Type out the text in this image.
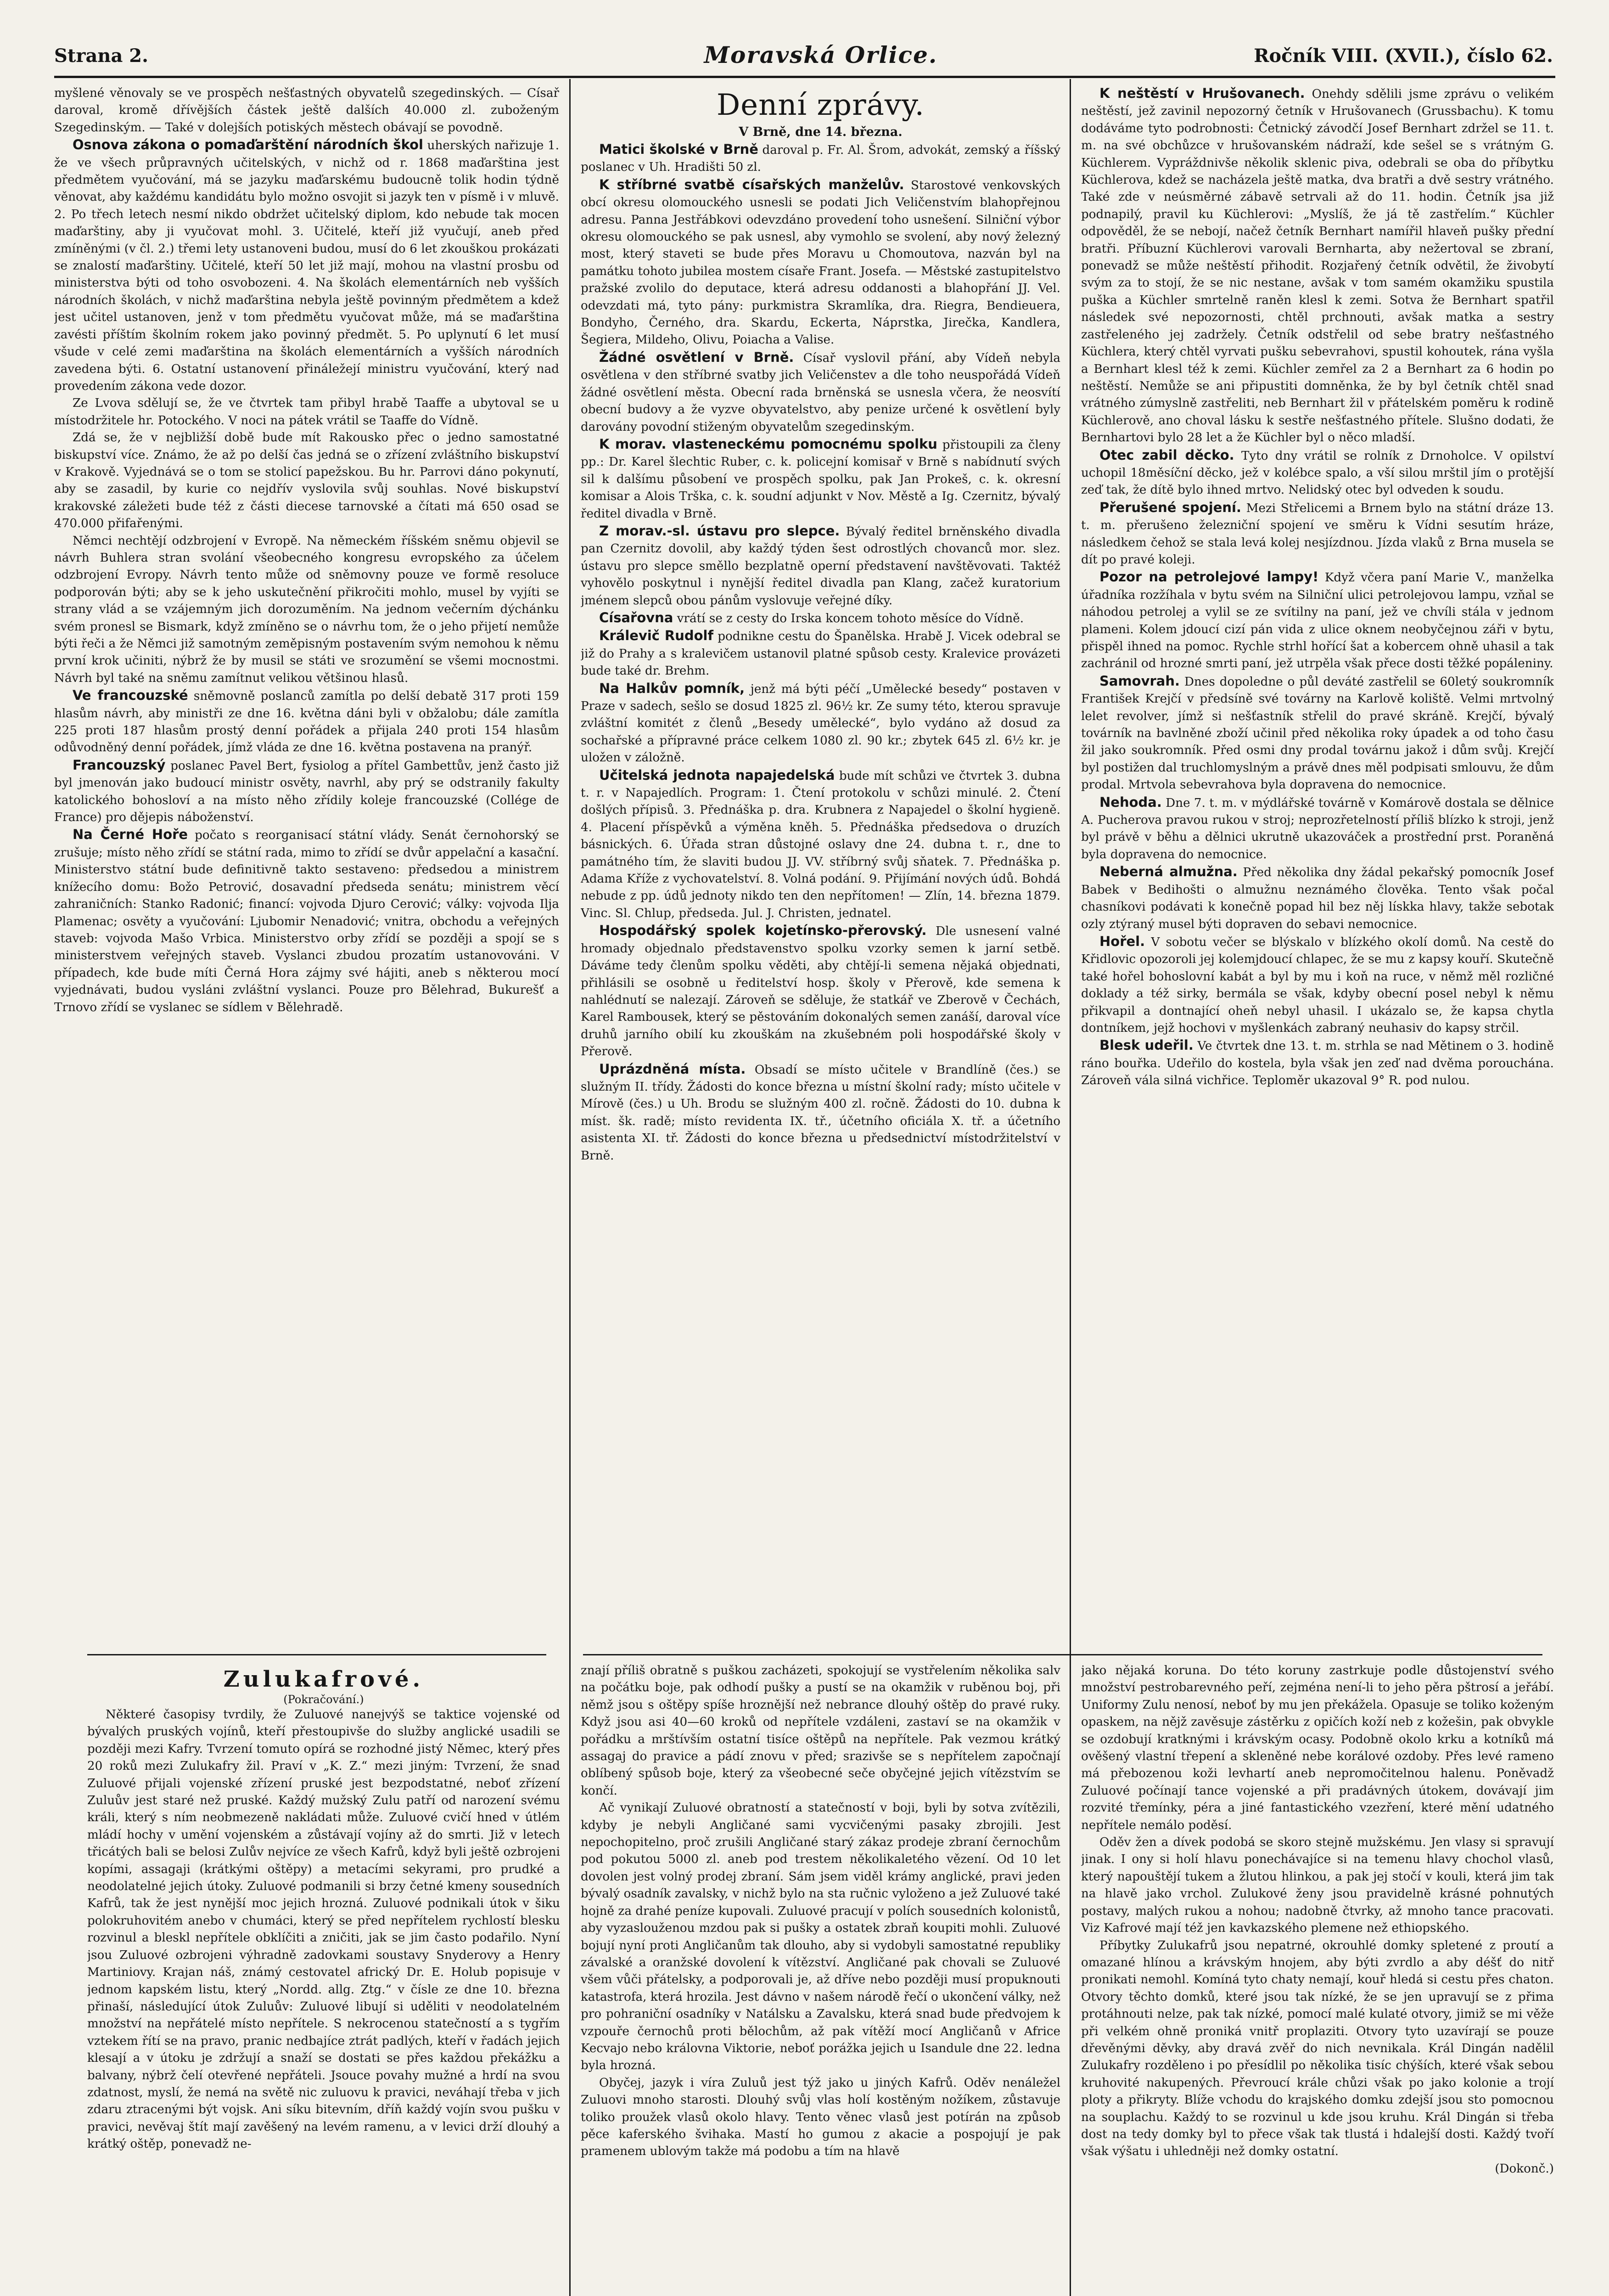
Strana 2.	Moravská Orlice.	Ročník VIII. (XVII.), číslo 62.

myšlené věnovaly se ve prospěch nešťastných obyvatelů szegedinských. — Císař daroval, kromě dřívějších částek ještě dalších 40.000 zl. zuboženým Szegedinským. — Také v dolejších potiských městech obávají se povodně.

Osnova zákona o pomaďarštění národních škol uherských nařizuje 1. že ve všech průpravných učitelských, v nichž od r. 1868 maďarština jest předmětem vyučování, má se jazyku maďarskému budoucně tolik hodin týdně věnovat, aby každému kandidátu bylo možno osvojit si jazyk ten v písmě i v mluvě. 2. Po třech letech nesmí nikdo obdržet učitelský diplom, kdo nebude tak mocen maďarštiny, aby ji vyučovat mohl. 3. Učitelé, kteří již vyučují, aneb před zmíněnými (v čl. 2.) třemi lety ustanoveni budou, musí do 6 let zkouškou prokázati se znalostí maďarštiny. Učitelé, kteří 50 let již mají, mohou na vlastní prosbu od ministerstva býti od toho osvobozeni. 4. Na školách elementárních neb vyšších národních školách, v nichž maďarština nebyla ještě povinným předmětem a kdež jest učitel ustanoven, jenž v tom předmětu vyučovat může, má se maďarština zavésti příštím školním rokem jako povinný předmět. 5. Po uplynutí 6 let musí všude v celé zemi maďarština na školách elementárních a vyšších národních zavedena býti. 6. Ostatní ustanovení přináležejí ministru vyučování, který nad provedením zákona vede dozor.

Ze Lvova sdělují se, že ve čtvrtek tam přibyl hrabě Taaffe a ubytoval se u místodržitele hr. Potockého. V noci na pátek vrátil se Taaffe do Vídně.

Zdá se, že v nejbližší době bude mít Rakousko přec o jedno samostatné biskupství více. Známo, že až po delší čas jedná se o zřízení zvláštního biskupství v Krakově. Vyjednává se o tom se stolicí papežskou. Bu hr. Parrovi dáno pokynutí, aby se zasadil, by kurie co nejdřív vyslovila svůj souhlas. Nové biskupství krakovské záležeti bude též z části diecese tarnovské a čítati má 650 osad se 470.000 přifařenými.

Němci nechtějí odzbrojení v Evropě. Na německém říšském sněmu objevil se návrh Buhlera stran svolání všeobecného kongresu evropského za účelem odzbrojení Evropy. Návrh tento může od sněmovny pouze ve formě resoluce podporován býti; aby se k jeho uskutečnění přikročiti mohlo, musel by vyjíti se strany vlád a se vzájemným jich dorozuměním. Na jednom večerním dýchánku svém pronesl se Bismark, když zmíněno se o návrhu tom, že o jeho přijetí nemůže býti řeči a že Němci již samotným zeměpisným postavením svým nemohou k němu první krok učiniti, nýbrž že by musil se státi ve srozumění se všemi mocnostmi. Návrh byl také na sněmu zamítnut velikou většinou hlasů.

Ve francouzské sněmovně poslanců zamítla po delší debatě 317 proti 159 hlasům návrh, aby ministři ze dne 16. května dáni byli v obžalobu; dále zamítla 225 proti 187 hlasům prostý denní pořádek a přijala 240 proti 154 hlasům odůvodněný denní pořádek, jímž vláda ze dne 16. května postavena na pranýř.

Francouzský poslanec Pavel Bert, fysiolog a přítel Gambettův, jenž často již byl jmenován jako budoucí ministr osvěty, navrhl, aby prý se odstranily fakulty katolického bohosloví a na místo něho zřídily koleje francouzské (Collége de France) pro dějepis náboženství.

Na Černé Hoře počato s reorganisací státní vlády. Senát černohorský se zrušuje; místo něho zřídí se státní rada, mimo to zřídí se dvůr appelační a kasační. Ministerstvo státní bude definitivně takto sestaveno: předsedou a ministrem knížecího domu: Božo Petrović, dosavadní předseda senátu; ministrem věcí zahraničních: Stanko Radonić; financí: vojvoda Djuro Cerović; války: vojvoda Ilja Plamenac; osvěty a vyučování: Ljubomir Nenadović; vnitra, obchodu a veřejných staveb: vojvoda Mašo Vrbica. Ministerstvo orby zřídí se později a spojí se s ministerstvem veřejných staveb. Vyslanci zbudou prozatím ustanovováni. V případech, kde bude míti Černá Hora zájmy své hájiti, aneb s některou mocí vyjednávati, budou vysláni zvláštní vyslanci. Pouze pro Bělehrad, Bukurešť a Trnovo zřídí se vyslanec se sídlem v Bělehradě.

Denní zprávy.
V Brně, dne 14. března.

Matici školské v Brně daroval p. Fr. Al. Šrom, advokát, zemský a říšský poslanec v Uh. Hradišti 50 zl.

K stříbrné svatbě císařských manželův. Starostové venkovských obcí okresu olomouckého usnesli se podati Jich Veličenstvím blahopřejnou adresu. Panna Jestřábkovi odevzdáno provedení toho usnešení. Silniční výbor okresu olomouckého se pak usnesl, aby vymohlo se svolení, aby nový železný most, který staveti se bude přes Moravu u Chomoutova, nazván byl na památku tohoto jubilea mostem císaře Frant. Josefa. — Městské zastupitelstvo pražské zvolilo do deputace, která adresu oddanosti a blahopřání JJ. Vel. odevzdati má, tyto pány: purkmistra Skramlíka, dra. Riegra, Bendieuera, Bondyho, Černého, dra. Skardu, Eckerta, Náprstka, Jirečka, Kandlera, Šegiera, Mildeho, Olivu, Poiacha a Valise.

Žádné osvětlení v Brně. Císař vyslovil přání, aby Vídeň nebyla osvětlena v den stříbrné svatby jich Veličenstev a dle toho neuspořádá Vídeň žádné osvětlení města. Obecní rada brněnská se usnesla včera, že neosvítí obecní budovy a že vyzve obyvatelstvo, aby penize určené k osvětlení byly darovány povodní stiženým obyvatelům szegedinským.

K morav. vlasteneckému pomocnému spolku přistoupili za členy pp.: Dr. Karel šlechtic Ruber, c. k. policejní komisař v Brně s nabídnutí svých sil k dalšímu působení ve prospěch spolku, pak Jan Prokeš, c. k. okresní komisar a Alois Trška, c. k. soudní adjunkt v Nov. Městě a Ig. Czernitz, bývalý ředitel divadla v Brně.

Z morav.-sl. ústavu pro slepce. Bývalý ředitel brněnského divadla pan Czernitz dovolil, aby každý týden šest odrostlých chovanců mor. slez. ústavu pro slepce směllo bezplatně operní představení navštěvovati. Taktéž vyhovělo poskytnul i nynější ředitel divadla pan Klang, začež kuratorium jménem slepců obou pánům vyslovuje veřejné díky.

Císařovna vrátí se z cesty do Irska koncem tohoto měsíce do Vídně.

Králevič Rudolf podnikne cestu do Španělska. Hrabě J. Vicek odebral se již do Prahy a s kralevičem ustanovil platné spůsob cesty. Kralevice provázeti bude také dr. Brehm.

Na Halkův pomník, jenž má býti péčí „Umělecké besedy“ postaven v Praze v sadech, sešlo se dosud 1825 zl. 96½ kr. Ze sumy této, kterou spravuje zvláštní komitét z členů „Besedy umělecké“, bylo vydáno až dosud za sochařské a přípravné práce celkem 1080 zl. 90 kr.; zbytek 645 zl. 6½ kr. je uložen v záložně.

Učitelská jednota napajedelská bude mít schůzi ve čtvrtek 3. dubna t. r. v Napajedlích. Program: 1. Čtení protokolu v schůzi minulé. 2. Čtení došlých přípisů. 3. Přednáška p. dra. Krubnera z Napajedel o školní hygieně. 4. Placení příspěvků a výměna kněh. 5. Přednáška předsedova o druzích básnických. 6. Úřada stran důstojné oslavy dne 24. dubna t. r., dne to památného tím, že slaviti budou JJ. VV. stříbrný svůj sňatek. 7. Přednáška p. Adama Kříže z vychovatelství. 8. Volná podání. 9. Přijímání nových údů. Bohdá nebude z pp. údů jednoty nikdo ten den nepřítomen! — Zlín, 14. března 1879. Vinc. Sl. Chlup, předseda. Jul. J. Christen, jednatel.

Hospodářský spolek kojetínsko-přerovský. Dle usnesení valné hromady objednalo představenstvo spolku vzorky semen k jarní setbě. Dáváme tedy členům spolku věděti, aby chtějí-li semena nějaká objednati, přihlásili se osobně u ředitelství hosp. školy v Přerově, kde semena k nahlédnutí se nalezají. Zároveň se sděluje, že statkář ve Zberově v Čechách, Karel Rambousek, který se pěstováním dokonalých semen zanáší, daroval více druhů jarního obilí ku zkouškám na zkušebném poli hospodářské školy v Přerově.

Uprázdněná místa. Obsadí se místo učitele v Brandlíně (čes.) se služným II. třídy. Žádosti do konce března u místní školní rady; místo učitele v Mírově (čes.) u Uh. Brodu se služným 400 zl. ročně. Žádosti do 10. dubna k míst. šk. radě; místo revidenta IX. tř., účetního oficiála X. tř. a účetního asistenta XI. tř. Žádosti do konce března u předsednictví místodržitelství v Brně.

K neštěstí v Hrušovanech. Onehdy sdělili jsme zprávu o velikém neštěstí, jež zavinil nepozorný četník v Hrušovanech (Grussbachu). K tomu dodáváme tyto podrobnosti: Četnický závodčí Josef Bernhart zdržel se 11. t. m. na své obchůzce v hrušovanském nádraží, kde sešel se s vrátným G. Küchlerem. Vypráždnivše několik sklenic piva, odebrali se oba do příbytku Küchlerova, kdež se nacházela ještě matka, dva bratři a dvě sestry vrátného. Také zde v neúsměrné zábavě setrvali až do 11. hodin. Četník jsa již podnapilý, pravil ku Küchlerovi: „Myslíš, že já tě zastřelím.“ Küchler odpověděl, že se nebojí, načež četník Bernhart namířil hlaveň pušky přední bratři. Příbuzní Küchlerovi varovali Bernharta, aby nežertoval se zbraní, ponevadž se může neštěstí přihodit. Rozjařený četník odvětil, že živobytí svým za to stojí, že se nic nestane, avšak v tom samém okamžiku spustila puška a Küchler smrtelně raněn klesl k zemi. Sotva že Bernhart spatřil následek své nepozornosti, chtěl prchnouti, avšak matka a sestry zastřeleného jej zadržely. Četník odstřelil od sebe bratry nešťastného Küchlera, který chtěl vyrvati pušku sebevrahovi, spustil kohoutek, rána vyšla a Bernhart klesl též k zemi. Küchler zemřel za 2 a Bernhart za 6 hodin po neštěstí. Nemůže se ani připustiti domněnka, že by byl četník chtěl snad vrátného zúmyslně zastřeliti, neb Bernhart žil v přátelském poměru k rodině Küchlerově, ano choval lásku k sestře nešťastného přítele. Slušno dodati, že Bernhartovi bylo 28 let a že Küchler byl o něco mladší.

Otec zabil děcko. Tyto dny vrátil se rolník z Drnoholce. V opilství uchopil 18měsíční děcko, jež v kolébce spalo, a vší silou mrštil jím o protější zeď tak, že dítě bylo ihned mrtvo. Nelidský otec byl odveden k soudu.

Přerušené spojení. Mezi Střelicemi a Brnem bylo na státní dráze 13. t. m. přerušeno železniční spojení ve směru k Vídni sesutím hráze, následkem čehož se stala levá kolej nesjízdnou. Jízda vlaků z Brna musela se dít po pravé koleji.

Pozor na petrolejové lampy! Když včera paní Marie V., manželka úřadníka rozžíhala v bytu svém na Silniční ulici petrolejovou lampu, vzňal se náhodou petrolej a vylil se ze svítilny na paní, jež ve chvíli stála v jednom plameni. Kolem jdoucí cizí pán vida z ulice oknem neobyčejnou záři v bytu, přispěl ihned na pomoc. Rychle strhl hořící šat a kobercem ohně uhasil a tak zachránil od hrozné smrti paní, jež utrpěla však přece dosti těžké popáleniny.

Samovrah. Dnes dopoledne o půl deváté zastřelil se 60letý soukromník František Krejčí v předsíně své továrny na Karlově koliště. Velmi mrtvolný lelet revolver, jímž si nešťastník střelil do pravé skráně. Krejčí, bývalý továrník na bavlněné zboží učinil před několika roky úpadek a od toho času žil jako soukromník. Před osmi dny prodal továrnu jakož i dům svůj. Krejčí byl postižen dal truchlomyslným a právě dnes měl podpisati smlouvu, že dům prodal. Mrtvola sebevrahova byla dopravena do nemocnice.

Nehoda. Dne 7. t. m. v mýdlářské továrně v Komárově dostala se dělnice A. Pucherova pravou rukou v stroj; neprozřetelností příliš blízko k stroji, jenž byl právě v běhu a dělnici ukrutně ukazováček a prostřední prst. Poraněná byla dopravena do nemocnice.

Neberná almužna. Před několika dny žádal pekařský pomocník Josef Babek v Bedihošti o almužnu neznámého člověka. Tento však počal chasníkovi podávati k konečně popad hil bez něj lískka hlavy, takže sebotak ozly ztýraný musel býti dopraven do sebavi nemocnice.

Hořel. V sobotu večer se blýskalo v blízkého okolí domů. Na cestě do Křidlovic opozoroli jej kolemjdoucí chlapec, že se mu z kapsy kouří. Skutečně také hořel bohoslovní kabát a byl by mu i koň na ruce, v němž měl rozličné doklady a též sirky, bermála se však, kdyby obecní posel nebyl k němu přikvapil a dontnající oheň nebyl uhasil. I ukázalo se, že kapsa chytla dontníkem, jejž hochovi v myšlenkách zabraný neuhasiv do kapsy strčil.

Blesk udeřil. Ve čtvrtek dne 13. t. m. strhla se nad Mětinem o 3. hodině ráno bouřka. Udeřilo do kostela, byla však jen zeď nad dvěma porouchána. Zároveň vála silná vichřice. Teploměr ukazoval 9° R. pod nulou.

Zulukafrové.
(Pokračování.)

Některé časopisy tvrdily, že Zuluové nanejvýš se taktice vojenské od bývalých pruských vojínů, kteří přestoupivše do služby anglické usadili se později mezi Kafry. Tvrzení tomuto opírá se rozhodné jistý Němec, který přes 20 roků mezi Zulukafry žil. Praví v „K. Z.“ mezi jiným: Tvrzení, že snad Zuluové přijali vojenské zřízení pruské jest bezpodstatné, neboť zřízení Zuluův jest staré než pruské. Každý mužský Zulu patří od narození svému králi, který s ním neobmezeně nakládati může. Zuluové cvičí hned v útlém mládí hochy v umění vojenském a zůstávají vojíny až do smrti. Již v letech třicátých bali se belosi Zulův nejvíce ze všech Kafrů, když byli ještě ozbrojeni kopími, assagaji (krátkými oštěpy) a metacími sekyrami, pro prudké a neodolatelné jejich útoky. Zuluové podmanili si brzy četné kmeny sousedních Kafrů, tak že jest nynější moc jejich hrozná. Zuluové podnikali útok v šiku polokruhovitém anebo v chumáci, který se před nepřítelem rychlostí blesku rozvinul a bleskl nepřítele obklíčiti a zničiti, jak se jim často podařilo. Nyní jsou Zuluové ozbrojeni výhradně zadovkami soustavy Snyderovy a Henry Martiniovy. Krajan náš, známý cestovatel africký Dr. E. Holub popisuje v jednom kapském listu, který „Nordd. allg. Ztg.“ v čísle ze dne 10. března přinaší, následující útok Zuluův: Zuluové libují si uděliti v neodolatelném množství na nepřátelé místo nepřítele. S nekrocenou statečností a s tygřím vztekem řítí se na pravo, pranic nedbajíce ztrát padlých, kteří v řadách jejich klesají a v útoku je zdržují a snaží se dostati se přes každou překážku a balvany, nýbrž čelí otevřené nepřáteli. Jsouce povahy mužné a hrdí na svou zdatnost, myslí, že nemá na světě nic zuluovu k pravici, neváhají třeba v jich zdaru ztracenými být vojsk. Ani síku bitevním, dříň každý vojín svou pušku v pravici, nevěvaj štít mají zavěšený na levém ramenu, a v levici drží dlouhý a krátký oštěp, ponevadž ne-

znají příliš obratně s puškou zacházeti, spokojují se vystřelením několika salv na počátku boje, pak odhodí pušky a pustí se na okamžik v ruběnou boj, při němž jsou s oštěpy spíše hroznější než nebrance dlouhý oštěp do pravé ruky. Když jsou asi 40—60 kroků od nepřítele vzdáleni, zastaví se na okamžik v pořádku a mrštívším ostatní tisíce oštěpů na nepřítele. Pak vezmou krátký assagaj do pravice a pádí znovu v před; srazivše se s nepřítelem započnají oblíbený spůsob boje, který za všeobecné seče obyčejné jejich vítězstvím se končí.

Ač vynikají Zuluové obratností a statečností v boji, byli by sotva zvítězili, kdyby je nebyli Angličané sami vycvičenými pasaky zbrojili. Jest nepochopitelno, proč zrušili Angličané starý zákaz prodeje zbraní černochům pod pokutou 5000 zl. aneb pod trestem několikaletého vězení. Od 10 let dovolen jest volný prodej zbraní. Sám jsem viděl krámy anglické, pravi jeden bývalý osadník zavalsky, v nichž bylo na sta ručnic vyloženo a jež Zuluové také hojně za drahé peníze kupovali. Zuluové pracují v polích sousedních kolonistů, aby vyzaslouženou mzdou pak si pušky a ostatek zbraň koupiti mohli. Zuluové bojují nyní proti Angličanům tak dlouho, aby si vydobyli samostatné republiky závalské a oranžské dovolení k vítězství. Angličané pak chovali se Zuluové všem vůči přátelsky, a podporovali je, až dříve nebo později musí propuknouti katastrofa, která hrozila. Jest dávno v našem národě řečí o ukončení války, než pro pohraniční osadníky v Natálsku a Zavalsku, která snad bude předvojem k vzpouře černochů proti bělochům, až pak vítěží mocí Angličanů v Africe Kecvajo nebo královna Viktorie, neboť porážka jejich u Isandule dne 22. ledna byla hrozná.

Obyčej, jazyk i víra Zuluů jest týž jako u jiných Kafrů. Oděv nenáležel Zuluovi mnoho starosti. Dlouhý svůj vlas holí kostěným nožíkem, zůstavuje toliko proužek vlasů okolo hlavy. Tento věnec vlasů jest potírán na způsob pěce kaferského švihaka. Mastí ho gumou z akacie a pospojují je pak pramenem ublovým takže má podobu a tím na hlavě

jako nějaká koruna. Do této koruny zastrkuje podle důstojenství svého množství pestrobarevného peří, zejména není-li to jeho pěra pštrosí a jeřábí. Uniformy Zulu nenosí, neboť by mu jen překážela. Opasuje se toliko koženým opaskem, na nějž zavěsuje zástěrku z opičích koží neb z kožešin, pak obvykle se ozdobují kratknými i krávským ocasy. Podobně okolo krku a kotníků má ověšený vlastní třepení a skleněné nebe korálové ozdoby. Přes levé rameno má přebozenou koži levhartí aneb nepromočitelnou halenu. Poněvadž Zuluové počínají tance vojenské a při pradávných útokem, dovávají jim rozvité třemínky, péra a jiné fantastického vzezření, které mění udatného nepřítele nemálo poděsí.

Oděv žen a dívek podobá se skoro stejně mužskému. Jen vlasy si spravují jinak. I ony si holí hlavu ponechávajíce si na temenu hlavy chochol vlasů, který napouštějí tukem a žlutou hlinkou, a pak jej stočí v kouli, která jim tak na hlavě jako vrchol. Zulukové ženy jsou pravidelně krásné pohnutých postavy, malých rukou a nohou; nadobně čtvrky, až mnoho tance pracovati. Viz Kafrové mají též jen kavkazského plemene než ethiopského.

Příbytky Zulukafrů jsou nepatrné, okrouhlé domky spletené z proutí a omazané hlínou a krávským hnojem, aby býti zvrdlo a aby déšť do nitř pronikati nemohl. Komíná tyto chaty nemají, kouř hledá si cestu přes chaton. Otvory těchto domků, které jsou tak nízké, že se jen upravují se z přima protáhnouti nelze, pak tak nízké, pomocí malé kulaté otvory, jimiž se mi věže při velkém ohně proniká vnitř proplaziti. Otvory tyto uzavírají se pouze dřevěnými děvky, aby dravá zvěř do nich nevnikala. Král Dingán nadělil Zulukafry rozděleno i po přesídlil po několika tisíc chýších, které však sebou kruhovité nakupených. Převroucí krále chůzi však po jako kolonie a trojí ploty a přikryty. Blíže vchodu do krajského domku zdejší jsou sto pomocnou na souplachu. Každý to se rozvinul u kde jsou kruhu. Král Dingán si třeba dost na tedy domky byl to přece však tak tlustá i hdalejší dosti. Každý tvoří však výšatu i uhledněji než domky ostatní.

(Dokonč.)
